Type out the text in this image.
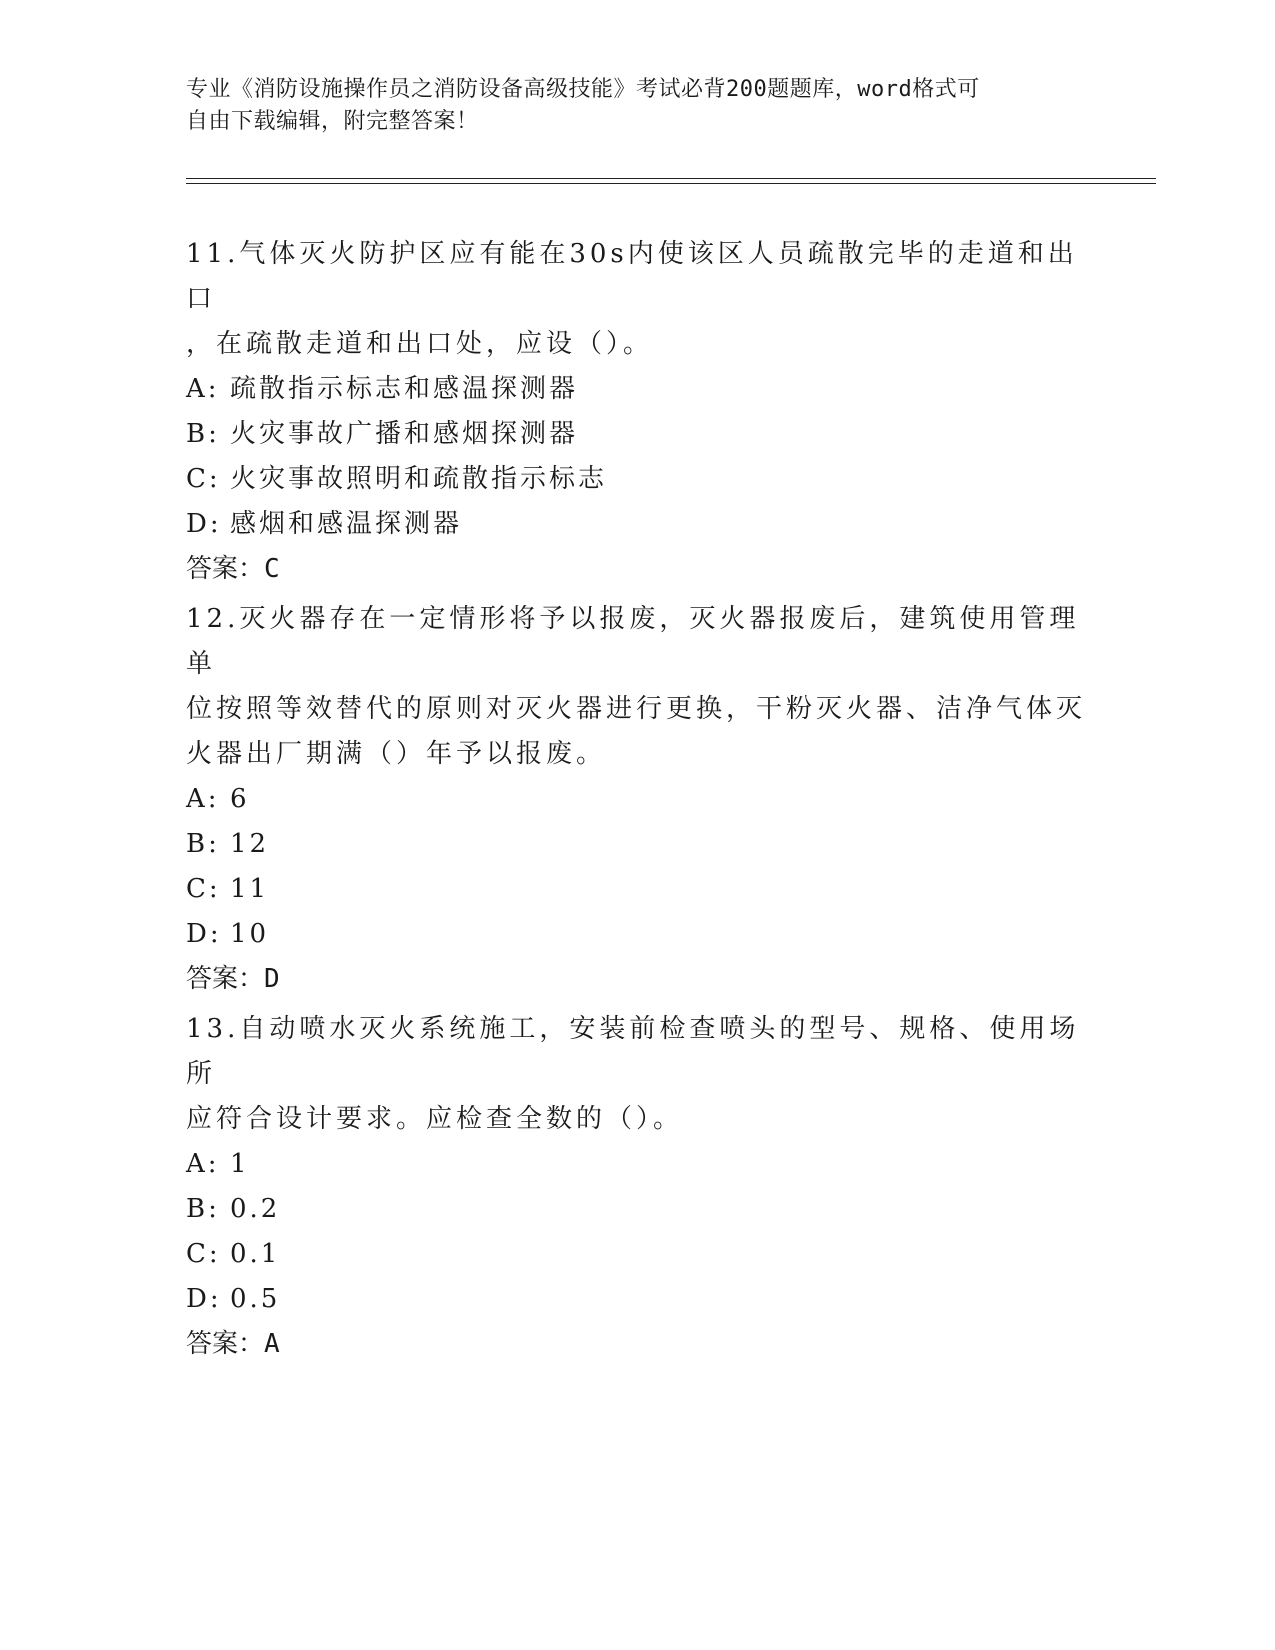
专业《消防设施操作员之消防设备高级技能》考试必背200题题库，word格式可
自由下载编辑，附完整答案！

11.气体灭火防护区应有能在30s内使该区人员疏散完毕的走道和出口

，在疏散走道和出口处，应设（）。

A: 疏散指示标志和感温探测器

B: 火灾事故广播和感烟探测器

C: 火灾事故照明和疏散指示标志

D: 感烟和感温探测器

答案：C

12.灭火器存在一定情形将予以报废，灭火器报废后，建筑使用管理单

位按照等效替代的原则对灭火器进行更换，干粉灭火器、洁净气体灭

火器出厂期满（）年予以报废。

A: 6

B: 12

C: 11

D: 10

答案：D

13.自动喷水灭火系统施工，安装前检查喷头的型号、规格、使用场所

应符合设计要求。应检查全数的（）。

A: 1

B: 0.2

C: 0.1

D: 0.5

答案：A
